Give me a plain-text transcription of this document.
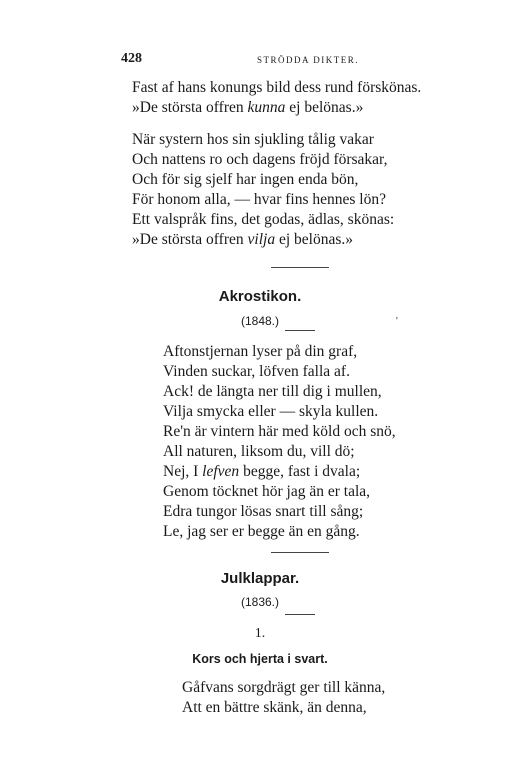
428	STRÖDDA DIKTER.
Fast af hans konungs bild dess rund förskönas.
»De största offren kunna ej belönas.»
När systern hos sin sjukling tålig vakar
Och nattens ro och dagens fröjd försakar,
Och för sig sjelf har ingen enda bön,
För honom alla, — hvar fins hennes lön?
Ett valspråk fins, det godas, ädlas, skönas:
»De största offren vilja ej belönas.»
Akrostikon.
(1848.)	'
Aftonstjernan lyser på din graf,
Vinden suckar, löfven falla af.
Ack! de längta ner till dig i mullen,
Vilja smycka eller — skyla kullen.
Re'n är vintern här med köld och snö,
All naturen, liksom du, vill dö;
Nej, I lefven begge, fast i dvala;
Genom töcknet hör jag än er tala,
Edra tungor lösas snart till sång;
Le, jag ser er begge än en gång.
Julklappar.
(1836.)
1.
Kors och hjerta i svart.
Gåfvans sorgdrägt ger till känna,
Att en bättre skänk, än denna,
